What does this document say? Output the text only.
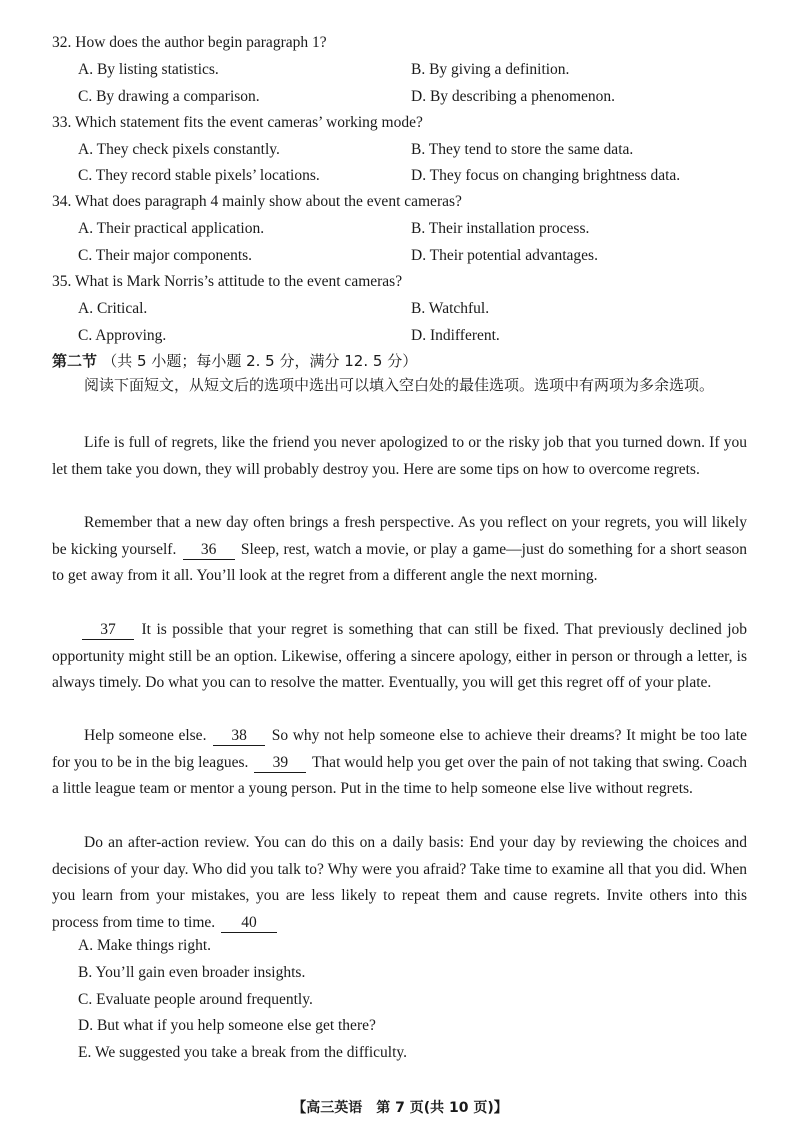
32. How does the author begin paragraph 1?
A. By listing statistics.	B. By giving a definition.
C. By drawing a comparison.	D. By describing a phenomenon.
33. Which statement fits the event cameras’ working mode?
A. They check pixels constantly.	B. They tend to store the same data.
C. They record stable pixels’ locations.	D. They focus on changing brightness data.
34. What does paragraph 4 mainly show about the event cameras?
A. Their practical application.	B. Their installation process.
C. Their major components.	D. Their potential advantages.
35. What is Mark Norris’s attitude to the event cameras?
A. Critical.	B. Watchful.
C. Approving.	D. Indifferent.
第二节 （共 5 小题；每小题 2. 5 分，满分 12. 5 分）
阅读下面短文，从短文后的选项中选出可以填入空白处的最佳选项。选项中有两项为多余选项。
Life is full of regrets, like the friend you never apologized to or the risky job that you turned down. If you let them take you down, they will probably destroy you. Here are some tips on how to overcome regrets.
Remember that a new day often brings a fresh perspective. As you reflect on your regrets, you will likely be kicking yourself. 36 Sleep, rest, watch a movie, or play a game—just do something for a short season to get away from it all. You’ll look at the regret from a different angle the next morning.
37 It is possible that your regret is something that can still be fixed. That previously declined job opportunity might still be an option. Likewise, offering a sincere apology, either in person or through a letter, is always timely. Do what you can to resolve the matter. Eventually, you will get this regret off of your plate.
Help someone else. 38 So why not help someone else to achieve their dreams? It might be too late for you to be in the big leagues. 39 That would help you get over the pain of not taking that swing. Coach a little league team or mentor a young person. Put in the time to help someone else live without regrets.
Do an after-action review. You can do this on a daily basis: End your day by reviewing the choices and decisions of your day. Who did you talk to? Why were you afraid? Take time to examine all that you did. When you learn from your mistakes, you are less likely to repeat them and cause regrets. Invite others into this process from time to time. 40
A. Make things right.
B. You’ll gain even broader insights.
C. Evaluate people around frequently.
D. But what if you help someone else get there?
E. We suggested you take a break from the difficulty.
【高三英语　第 7 页(共 10 页)】
